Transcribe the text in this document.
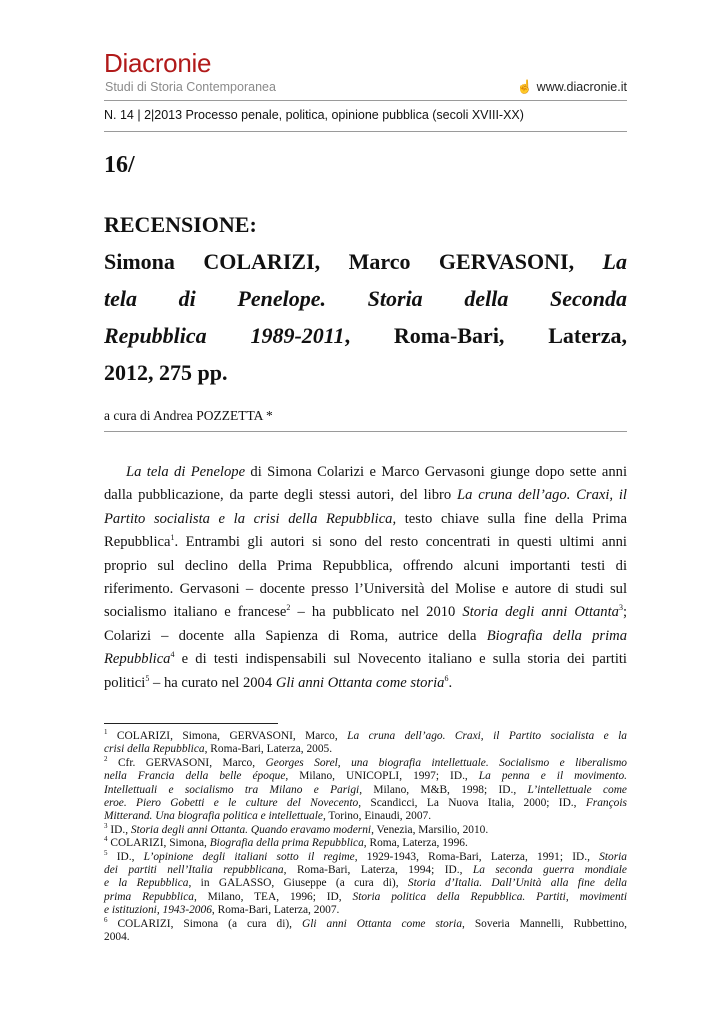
Diacronie
Studi di Storia Contemporanea	☝ www.diacronie.it
N. 14 | 2|2013 Processo penale, politica, opinione pubblica (secoli XVIII-XX)
16/
RECENSIONE:
Simona COLARIZI, Marco GERVASONI, La
tela di Penelope. Storia della Seconda
Repubblica 1989-2011, Roma-Bari, Laterza,
2012, 275 pp.
a cura di Andrea POZZETTA *
La tela di Penelope di Simona Colarizi e Marco Gervasoni giunge dopo sette anni
dalla pubblicazione, da parte degli stessi autori, del libro La cruna dell’ago. Craxi, il
Partito socialista e la crisi della Repubblica, testo chiave sulla fine della Prima
Repubblica$^1$. Entrambi gli autori si sono del resto concentrati in questi ultimi anni
proprio sul declino della Prima Repubblica, offrendo alcuni importanti testi di
riferimento. Gervasoni – docente presso l’Università del Molise e autore di studi sul
socialismo italiano e francese$^2$ – ha pubblicato nel 2010 Storia degli anni Ottanta$^3$;
Colarizi – docente alla Sapienza di Roma, autrice della Biografia della prima
Repubblica$^4$ e di testi indispensabili sul Novecento italiano e sulla storia dei partiti
politici$^5$ – ha curato nel 2004 Gli anni Ottanta come storia$^6$.
$^1$ COLARIZI, Simona, GERVASONI, Marco, La cruna dell’ago. Craxi, il Partito socialista e la
crisi della Repubblica, Roma-Bari, Laterza, 2005.
$^2$ Cfr. GERVASONI, Marco, Georges Sorel, una biografia intellettuale. Socialismo e liberalismo
nella Francia della belle époque, Milano, UNICOPLI, 1997; ID., La penna e il movimento.
Intellettuali e socialismo tra Milano e Parigi, Milano, M&B, 1998; ID., L’intellettuale come
eroe. Piero Gobetti e le culture del Novecento, Scandicci, La Nuova Italia, 2000; ID., François
Mitterand. Una biografia politica e intellettuale, Torino, Einaudi, 2007.
$^3$ ID., Storia degli anni Ottanta. Quando eravamo moderni, Venezia, Marsilio, 2010.
$^4$ COLARIZI, Simona, Biografia della prima Repubblica, Roma, Laterza, 1996.
$^5$ ID., L’opinione degli italiani sotto il regime, 1929-1943, Roma-Bari, Laterza, 1991; ID., Storia
dei partiti nell’Italia repubblicana, Roma-Bari, Laterza, 1994; ID., La seconda guerra mondiale
e la Repubblica, in GALASSO, Giuseppe (a cura di), Storia d’Italia. Dall’Unità alla fine della
prima Repubblica, Milano, TEA, 1996; ID, Storia politica della Repubblica. Partiti, movimenti
e istituzioni, 1943-2006, Roma-Bari, Laterza, 2007.
$^6$ COLARIZI, Simona (a cura di), Gli anni Ottanta come storia, Soveria Mannelli, Rubbettino,
2004.
